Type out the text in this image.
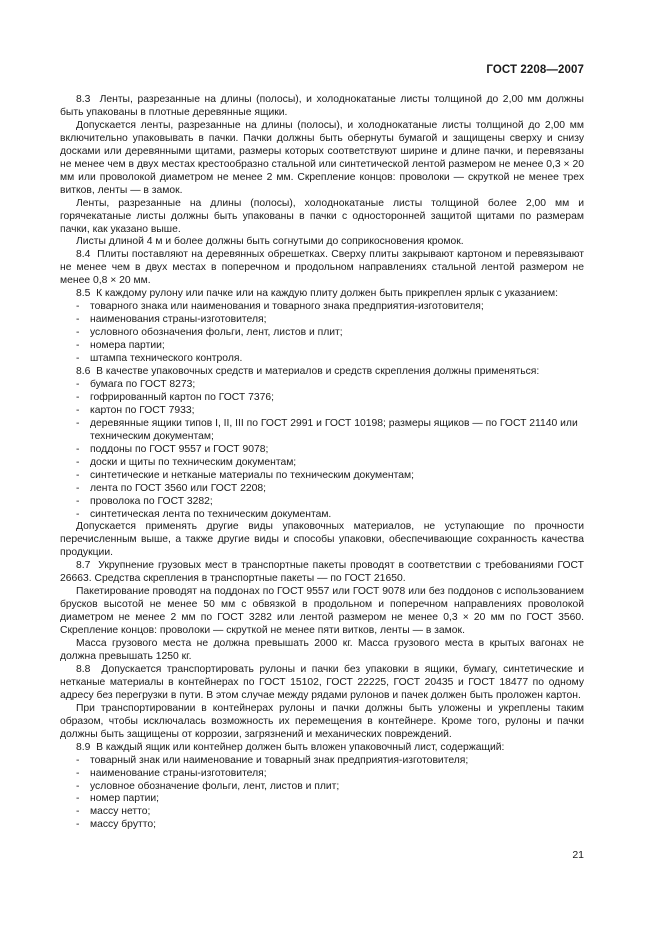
ГОСТ 2208—2007

8.3 Ленты, разрезанные на длины (полосы), и холоднокатаные листы толщиной до 2,00 мм должны быть упакованы в плотные деревянные ящики.

Допускается ленты, разрезанные на длины (полосы), и холоднокатаные листы толщиной до 2,00 мм включительно упаковывать в пачки. Пачки должны быть обернуты бумагой и защищены сверху и снизу досками или деревянными щитами, размеры которых соответствуют ширине и длине пачки, и перевязаны не менее чем в двух местах крестообразно стальной или синтетической лентой размером не менее 0,3 × 20 мм или проволокой диаметром не менее 2 мм. Скрепление концов: проволоки — скруткой не менее трех витков, ленты — в замок.

Ленты, разрезанные на длины (полосы), холоднокатаные листы толщиной более 2,00 мм и горячекатаные листы должны быть упакованы в пачки с односторонней защитой щитами по размерам пачки, как указано выше.

Листы длиной 4 м и более должны быть согнутыми до соприкосновения кромок.

8.4 Плиты поставляют на деревянных обрешетках. Сверху плиты закрывают картоном и перевязывают не менее чем в двух местах в поперечном и продольном направлениях стальной лентой размером не менее 0,8 × 20 мм.

8.5 К каждому рулону или пачке или на каждую плиту должен быть прикреплен ярлык с указанием:

- товарного знака или наименования и товарного знака предприятия-изготовителя;

- наименования страны-изготовителя;

- условного обозначения фольги, лент, листов и плит;

- номера партии;

- штампа технического контроля.

8.6 В качестве упаковочных средств и материалов и средств скрепления должны применяться:

- бумага по ГОСТ 8273;

- гофрированный картон по ГОСТ 7376;

- картон по ГОСТ 7933;

- деревянные ящики типов I, II, III по ГОСТ 2991 и ГОСТ 10198; размеры ящиков — по ГОСТ 21140 или техническим документам;

- поддоны по ГОСТ 9557 и ГОСТ 9078;

- доски и щиты по техническим документам;

- синтетические и нетканые материалы по техническим документам;

- лента по ГОСТ 3560 или ГОСТ 2208;

- проволока по ГОСТ 3282;

- синтетическая лента по техническим документам.

Допускается применять другие виды упаковочных материалов, не уступающие по прочности перечисленным выше, а также другие виды и способы упаковки, обеспечивающие сохранность качества продукции.

8.7 Укрупнение грузовых мест в транспортные пакеты проводят в соответствии с требованиями ГОСТ 26663. Средства скрепления в транспортные пакеты — по ГОСТ 21650.

Пакетирование проводят на поддонах по ГОСТ 9557 или ГОСТ 9078 или без поддонов с использованием брусков высотой не менее 50 мм с обвязкой в продольном и поперечном направлениях проволокой диаметром не менее 2 мм по ГОСТ 3282 или лентой размером не менее 0,3 × 20 мм по ГОСТ 3560. Скрепление концов: проволоки — скруткой не менее пяти витков, ленты — в замок.

Масса грузового места не должна превышать 2000 кг. Масса грузового места в крытых вагонах не должна превышать 1250 кг.

8.8 Допускается транспортировать рулоны и пачки без упаковки в ящики, бумагу, синтетические и нетканые материалы в контейнерах по ГОСТ 15102, ГОСТ 22225, ГОСТ 20435 и ГОСТ 18477 по одному адресу без перегрузки в пути. В этом случае между рядами рулонов и пачек должен быть проложен картон.

При транспортировании в контейнерах рулоны и пачки должны быть уложены и укреплены таким образом, чтобы исключалась возможность их перемещения в контейнере. Кроме того, рулоны и пачки должны быть защищены от коррозии, загрязнений и механических повреждений.

8.9 В каждый ящик или контейнер должен быть вложен упаковочный лист, содержащий:

- товарный знак или наименование и товарный знак предприятия-изготовителя;

- наименование страны-изготовителя;

- условное обозначение фольги, лент, листов и плит;

- номер партии;

- массу нетто;

- массу брутто;

21
